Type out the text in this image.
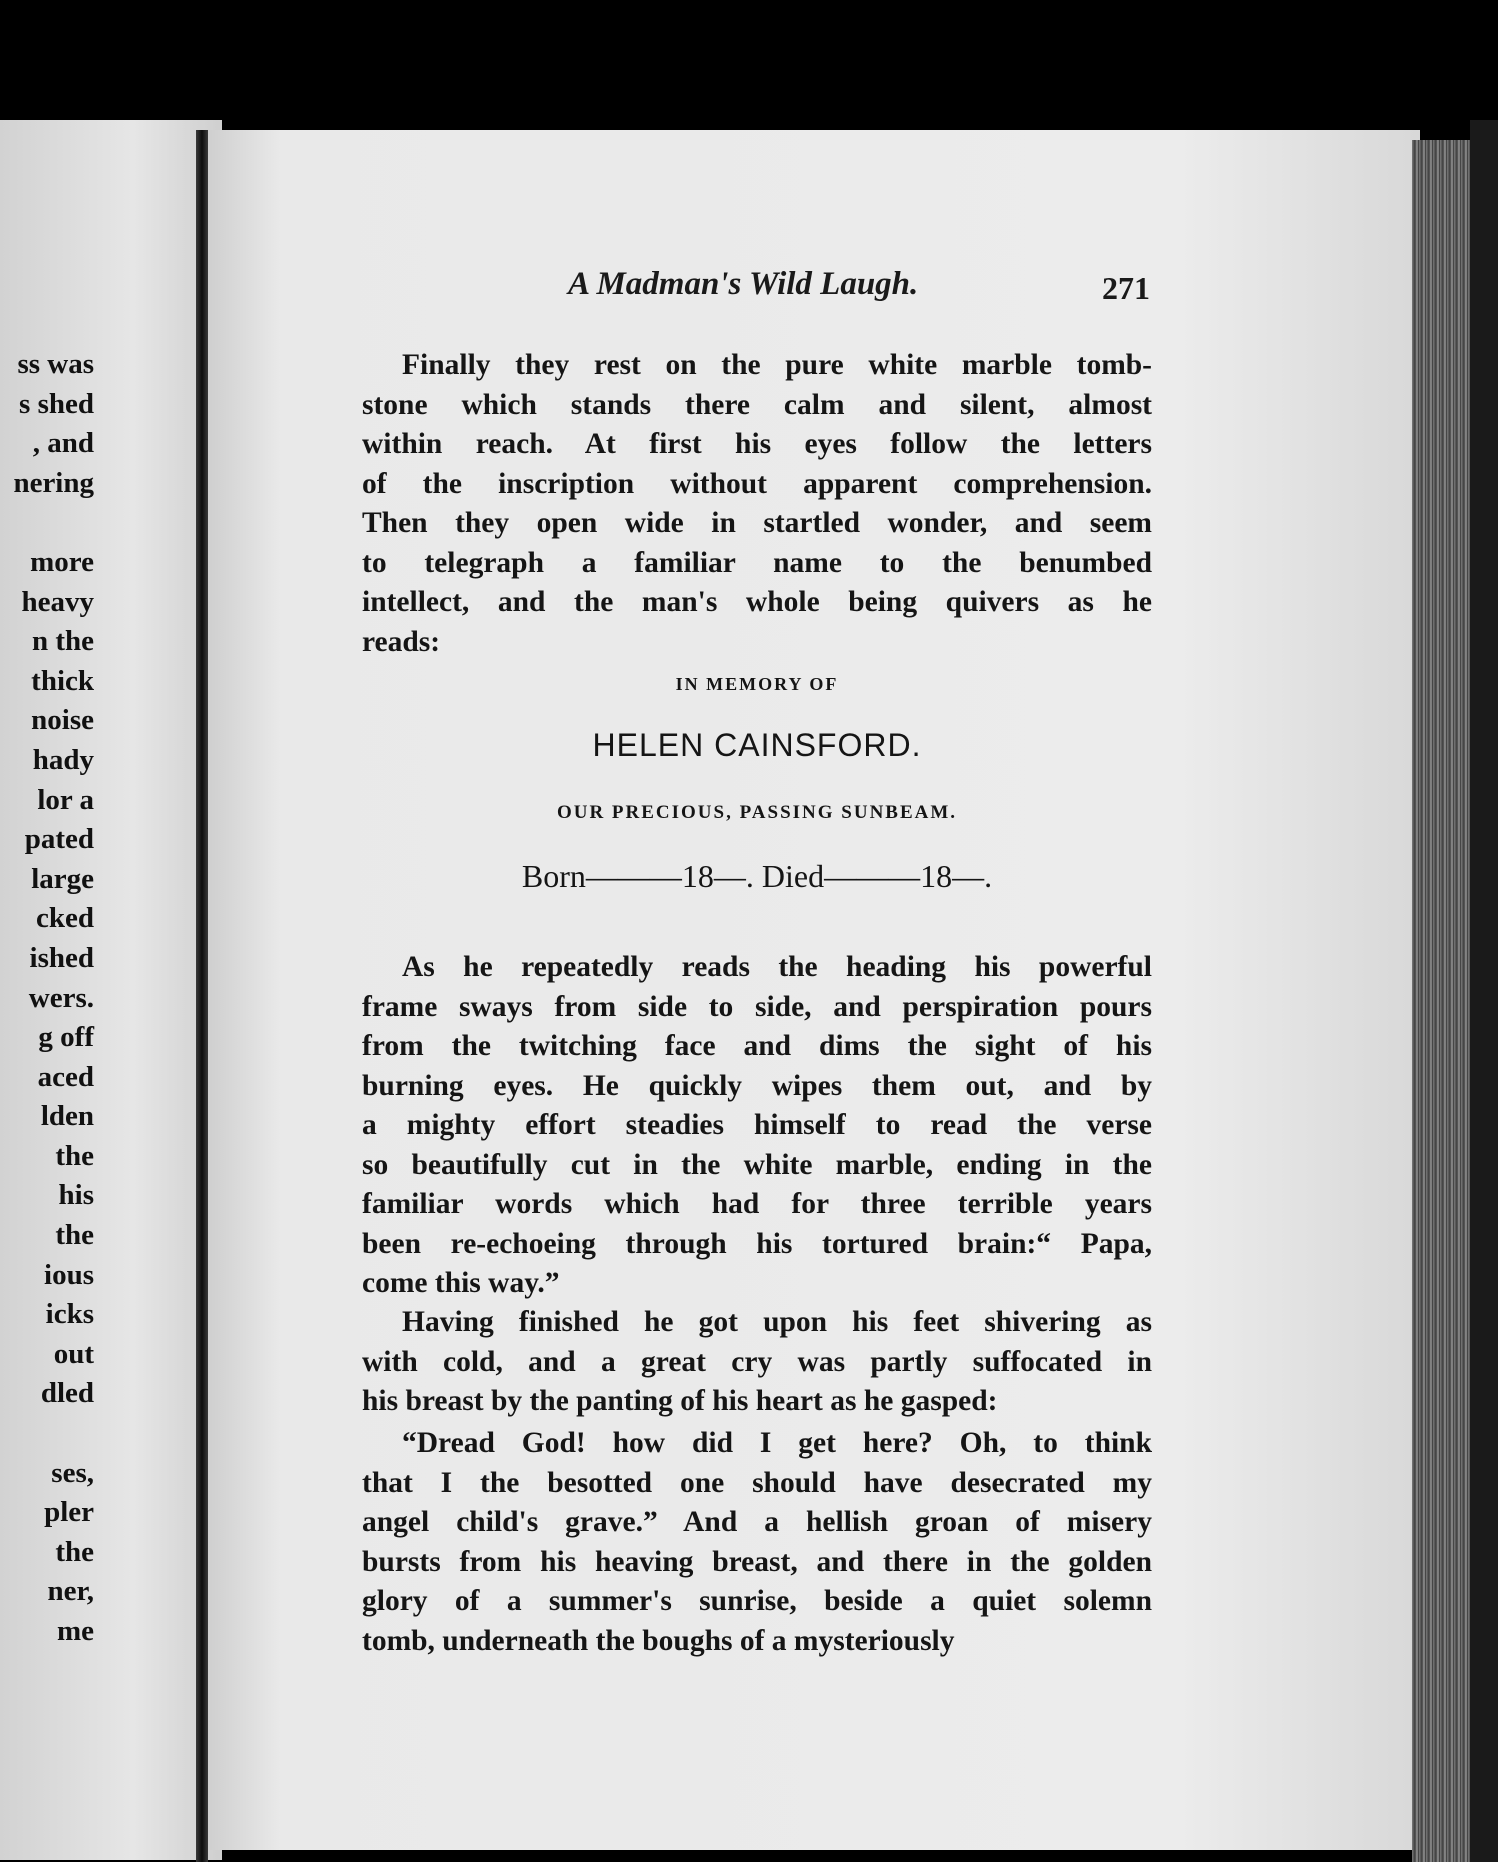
ss was
s shed
, and
nering
more
heavy
n the
thick
noise
hady
lor a
pated
large
cked
ished
wers.
g off
aced
lden
the
his
the
ious
icks
out
dled
ses,
pler
the
ner,
me
A Madman's Wild Laugh.	271
Finally they rest on the pure white marble tomb-
stone which stands there calm and silent, almost
within reach. At first his eyes follow the letters
of the inscription without apparent comprehension.
Then they open wide in startled wonder, and seem
to telegraph a familiar name to the benumbed
intellect, and the man's whole being quivers as he
reads:
IN MEMORY OF
HELEN CAINSFORD.
OUR PRECIOUS, PASSING SUNBEAM.
Born———18—. Died———18—.
As he repeatedly reads the heading his powerful
frame sways from side to side, and perspiration pours
from the twitching face and dims the sight of his
burning eyes. He quickly wipes them out, and by
a mighty effort steadies himself to read the verse
so beautifully cut in the white marble, ending in the
familiar words which had for three terrible years
been re-echoeing through his tortured brain:“ Papa,
come this way.”
Having finished he got upon his feet shivering as
with cold, and a great cry was partly suffocated in
his breast by the panting of his heart as he gasped:
“Dread God! how did I get here? Oh, to think
that I the besotted one should have desecrated my
angel child's grave.” And a hellish groan of misery
bursts from his heaving breast, and there in the golden
glory of a summer's sunrise, beside a quiet solemn
tomb, underneath the boughs of a mysteriously
